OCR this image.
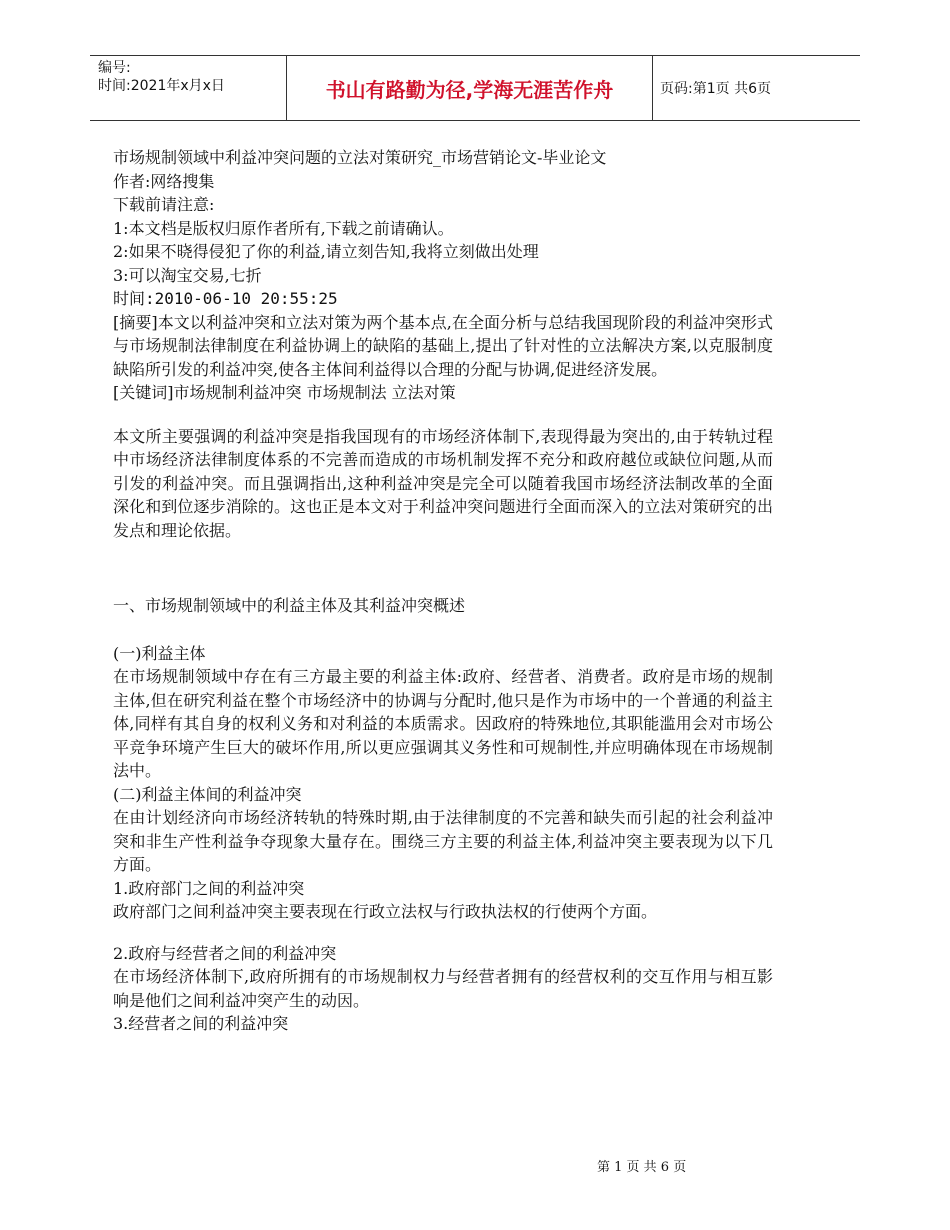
编号:
时间:2021年x月x日	书山有路勤为径,学海无涯苦作舟	页码:第1页 共6页

市场规制领域中利益冲突问题的立法对策研究_市场营销论文-毕业论文

作者:网络搜集

下载前请注意:

1:本文档是版权归原作者所有,下载之前请确认。

2:如果不晓得侵犯了你的利益,请立刻告知,我将立刻做出处理

3:可以淘宝交易,七折

时间:2010-06-10 20:55:25

[摘要]本文以利益冲突和立法对策为两个基本点,在全面分析与总结我国现阶段的利益冲突形式与市场规制法律制度在利益协调上的缺陷的基础上,提出了针对性的立法解决方案,以克服制度缺陷所引发的利益冲突,使各主体间利益得以合理的分配与协调,促进经济发展。

[关键词]市场规制利益冲突 市场规制法 立法对策

本文所主要强调的利益冲突是指我国现有的市场经济体制下,表现得最为突出的,由于转轨过程中市场经济法律制度体系的不完善而造成的市场机制发挥不充分和政府越位或缺位问题,从而引发的利益冲突。而且强调指出,这种利益冲突是完全可以随着我国市场经济法制改革的全面深化和到位逐步消除的。这也正是本文对于利益冲突问题进行全面而深入的立法对策研究的出发点和理论依据。

一、市场规制领域中的利益主体及其利益冲突概述

(一)利益主体

在市场规制领域中存在有三方最主要的利益主体:政府、经营者、消费者。政府是市场的规制主体,但在研究利益在整个市场经济中的协调与分配时,他只是作为市场中的一个普通的利益主体,同样有其自身的权利义务和对利益的本质需求。因政府的特殊地位,其职能滥用会对市场公平竞争环境产生巨大的破坏作用,所以更应强调其义务性和可规制性,并应明确体现在市场规制法中。

(二)利益主体间的利益冲突

在由计划经济向市场经济转轨的特殊时期,由于法律制度的不完善和缺失而引起的社会利益冲突和非生产性利益争夺现象大量存在。围绕三方主要的利益主体,利益冲突主要表现为以下几方面。

1.政府部门之间的利益冲突

政府部门之间利益冲突主要表现在行政立法权与行政执法权的行使两个方面。

2.政府与经营者之间的利益冲突

在市场经济体制下,政府所拥有的市场规制权力与经营者拥有的经营权利的交互作用与相互影响是他们之间利益冲突产生的动因。

3.经营者之间的利益冲突

第 1 页 共 6 页
